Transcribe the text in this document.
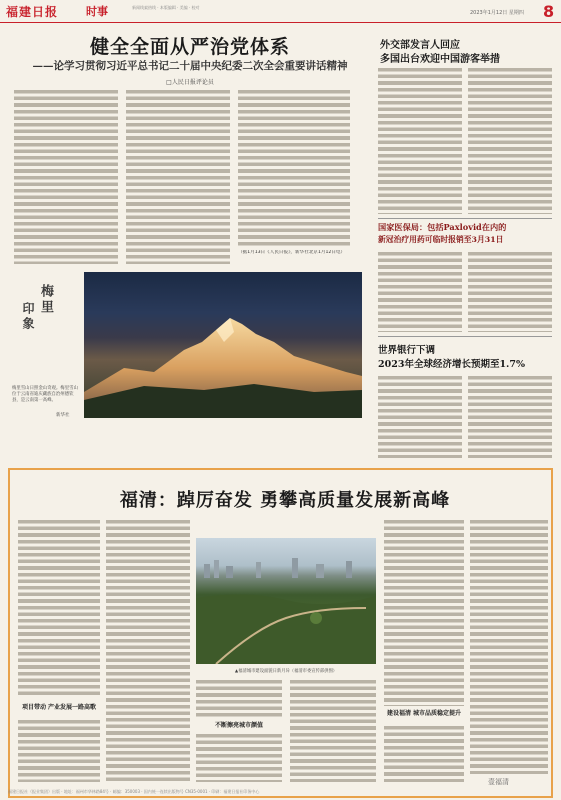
福建日报	时事	新闻线索热线 · 本版编辑 · 美编 · 校对
2023年1月12日 星期四 8
健全全面从严治党体系
——论学习贯彻习近平总书记二十届中央纪委二次全会重要讲话精神
□人民日报评论员
（据1月13日《人民日报》，新华社北京1月12日电）
梅里
印象
梅里雪山日照金山奇观。梅里雪山位于云南省迪庆藏族自治州德钦县，是云南第一高峰。
新华社
外交部发言人回应
多国出台欢迎中国游客举措
国家医保局：包括Paxlovid在内的
新冠治疗用药可临时报销至3月31日
世界银行下调
2023年全球经济增长预期至1.7%
福清：踔厉奋发 勇攀高质量发展新高峰
项目带动 产业发展一路高歌
▲福清城市建设面貌日新月异（福清市委宣传部供图）
不断擦亮城市颜值
建设福清 城市品质稳定提升
福建日报社（报业集团）出版 · 地址：福州市华林路84号 · 邮编：350003 · 国内统一连续出版物号 CN35-0001 · 印刷：福建日报社印务中心
壹福清
